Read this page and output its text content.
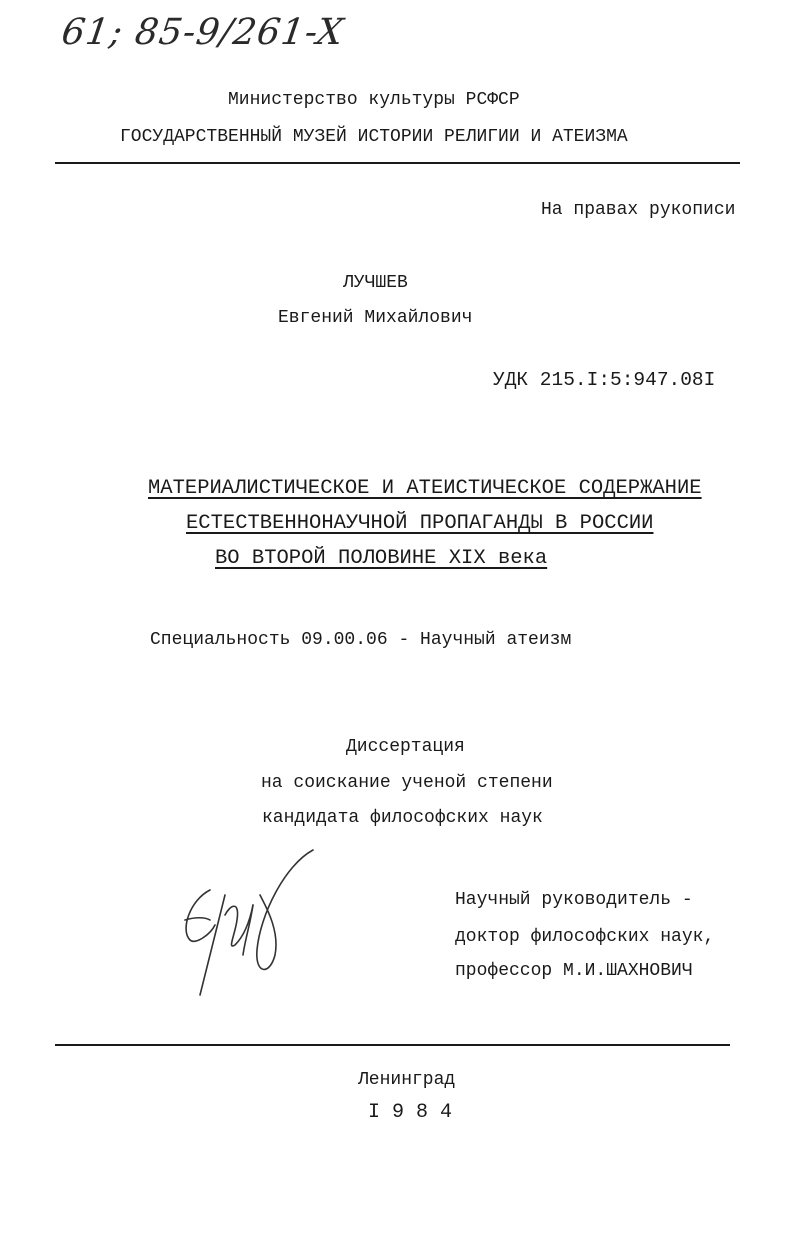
61; 85-9/261-X
Министерство культуры РСФСР
ГОСУДАРСТВЕННЫЙ МУЗЕЙ ИСТОРИИ РЕЛИГИИ И АТЕИЗМА
На правах рукописи
ЛУЧШЕВ
Евгений Михайлович
УДК 215.I:5:947.08I
МАТЕРИАЛИСТИЧЕСКОЕ И АТЕИСТИЧЕСКОЕ СОДЕРЖАНИЕ
ЕСТЕСТВЕННОНАУЧНОЙ ПРОПАГАНДЫ В РОССИИ
ВО ВТОРОЙ ПОЛОВИНЕ XIX века
Специальность 09.00.06 - Научный атеизм
Диссертация
на соискание ученой степени
кандидата философских наук
Научный руководитель -
доктор философских наук,
профессор М.И.ШАХНОВИЧ
Ленинград
I 9 8 4
